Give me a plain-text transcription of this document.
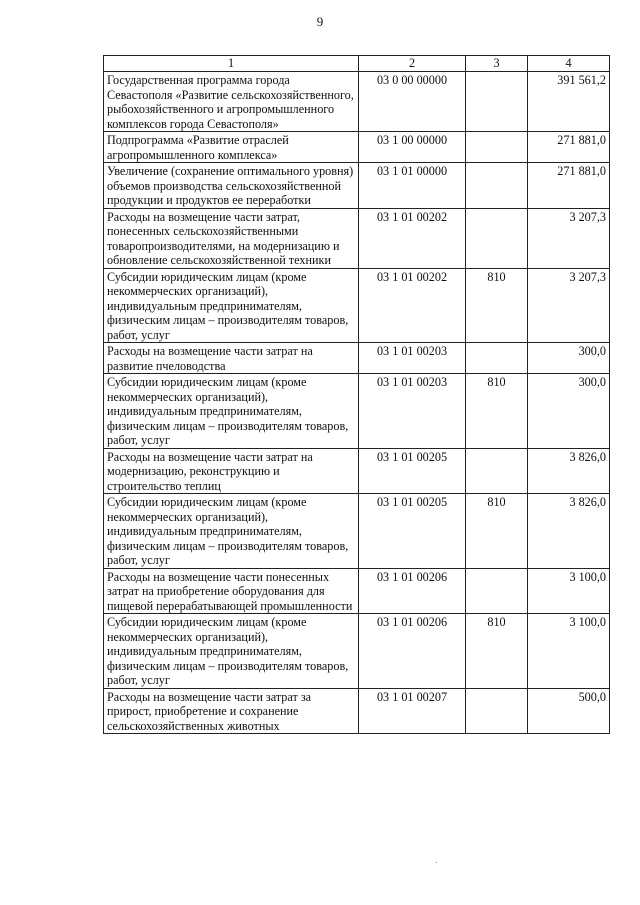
9
1	2	3	4
Государственная программа города Севастополя «Развитие сельскохозяйственного, рыбохозяйственного и агропромышленного комплексов города Севастополя»	03 0 00 00000		391 561,2
Подпрограмма «Развитие отраслей агропромышленного комплекса»	03 1 00 00000		271 881,0
Увеличение (сохранение оптимального уровня) объемов производства сельскохозяйственной продукции и продуктов ее переработки	03 1 01 00000		271 881,0
Расходы на возмещение части затрат, понесенных сельскохозяйственными товаропроизводителями, на модернизацию и обновление сельскохозяйственной техники	03 1 01 00202		3 207,3
Субсидии юридическим лицам (кроме некоммерческих организаций), индивидуальным предпринимателям, физическим лицам – производителям товаров, работ, услуг	03 1 01 00202	810	3 207,3
Расходы на возмещение части затрат на развитие пчеловодства	03 1 01 00203		300,0
Субсидии юридическим лицам (кроме некоммерческих организаций), индивидуальным предпринимателям, физическим лицам – производителям товаров, работ, услуг	03 1 01 00203	810	300,0
Расходы на возмещение части затрат на модернизацию, реконструкцию и строительство теплиц	03 1 01 00205		3 826,0
Субсидии юридическим лицам (кроме некоммерческих организаций), индивидуальным предпринимателям, физическим лицам – производителям товаров, работ, услуг	03 1 01 00205	810	3 826,0
Расходы на возмещение части понесенных затрат на приобретение оборудования для пищевой перерабатывающей промышленности	03 1 01 00206		3 100,0
Субсидии юридическим лицам (кроме некоммерческих организаций), индивидуальным предпринимателям, физическим лицам – производителям товаров, работ, услуг	03 1 01 00206	810	3 100,0
Расходы на возмещение части затрат за прирост, приобретение и сохранение сельскохозяйственных животных	03 1 01 00207		500,0
